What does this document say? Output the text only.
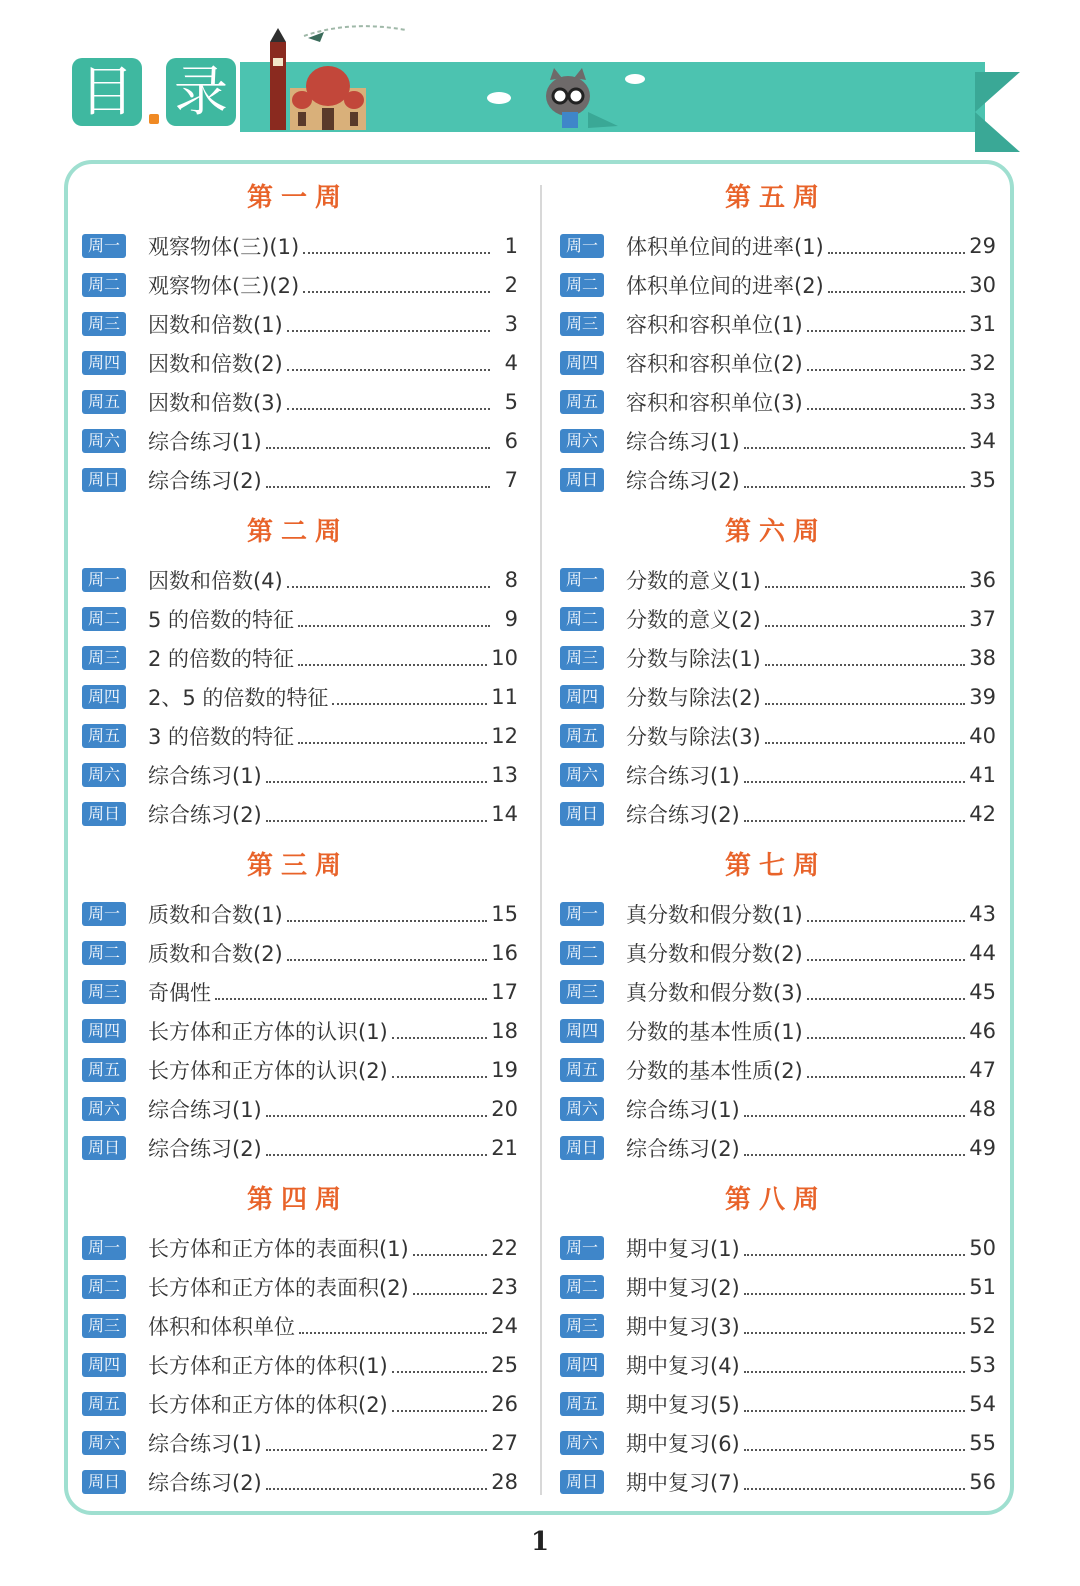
目 录
第一周
周一 观察物体(三)(1)	1
周二 观察物体(三)(2)	2
周三 因数和倍数(1)	3
周四 因数和倍数(2)	4
周五 因数和倍数(3)	5
周六 综合练习(1)	6
周日 综合练习(2)	7
第二周
周一 因数和倍数(4)	8
周二 5 的倍数的特征	9
周三 2 的倍数的特征	10
周四 2、5 的倍数的特征	11
周五 3 的倍数的特征	12
周六 综合练习(1)	13
周日 综合练习(2)	14
第三周
周一 质数和合数(1)	15
周二 质数和合数(2)	16
周三 奇偶性	17
周四 长方体和正方体的认识(1)	18
周五 长方体和正方体的认识(2)	19
周六 综合练习(1)	20
周日 综合练习(2)	21
第四周
周一 长方体和正方体的表面积(1)	22
周二 长方体和正方体的表面积(2)	23
周三 体积和体积单位	24
周四 长方体和正方体的体积(1)	25
周五 长方体和正方体的体积(2)	26
周六 综合练习(1)	27
周日 综合练习(2)	28
第五周
周一 体积单位间的进率(1)	29
周二 体积单位间的进率(2)	30
周三 容积和容积单位(1)	31
周四 容积和容积单位(2)	32
周五 容积和容积单位(3)	33
周六 综合练习(1)	34
周日 综合练习(2)	35
第六周
周一 分数的意义(1)	36
周二 分数的意义(2)	37
周三 分数与除法(1)	38
周四 分数与除法(2)	39
周五 分数与除法(3)	40
周六 综合练习(1)	41
周日 综合练习(2)	42
第七周
周一 真分数和假分数(1)	43
周二 真分数和假分数(2)	44
周三 真分数和假分数(3)	45
周四 分数的基本性质(1)	46
周五 分数的基本性质(2)	47
周六 综合练习(1)	48
周日 综合练习(2)	49
第八周
周一 期中复习(1)	50
周二 期中复习(2)	51
周三 期中复习(3)	52
周四 期中复习(4)	53
周五 期中复习(5)	54
周六 期中复习(6)	55
周日 期中复习(7)	56
1
